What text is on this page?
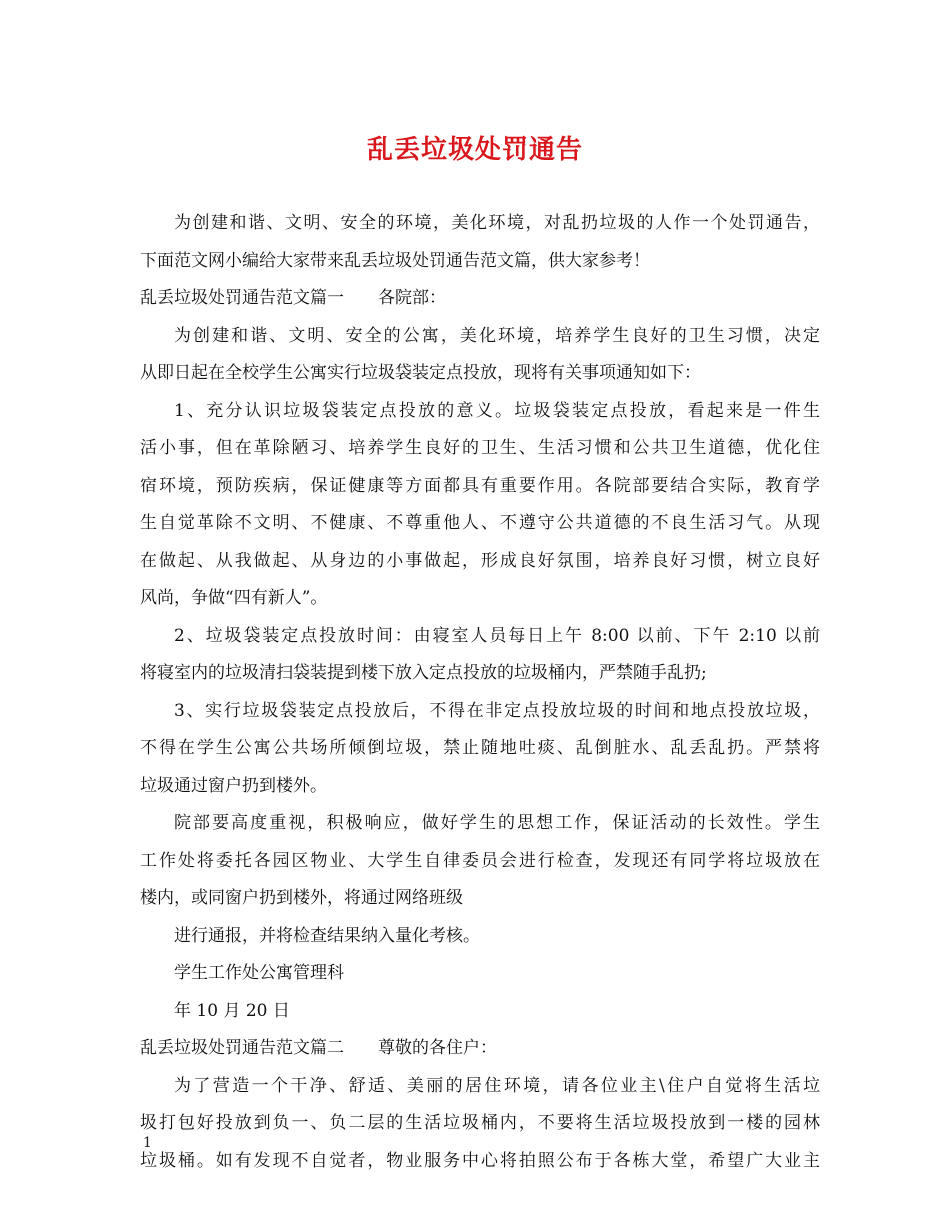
乱丢垃圾处罚通告
为创建和谐、文明、安全的环境，美化环境，对乱扔垃圾的人作一个处罚通告，
下面范文网小编给大家带来乱丢垃圾处罚通告范文篇，供大家参考！
乱丢垃圾处罚通告范文篇一　　各院部：
为创建和谐、文明、安全的公寓，美化环境，培养学生良好的卫生习惯，决定
从即日起在全校学生公寓实行垃圾袋装定点投放，现将有关事项通知如下：
1、充分认识垃圾袋装定点投放的意义。垃圾袋装定点投放，看起来是一件生
活小事，但在革除陋习、培养学生良好的卫生、生活习惯和公共卫生道德，优化住
宿环境，预防疾病，保证健康等方面都具有重要作用。各院部要结合实际，教育学
生自觉革除不文明、不健康、不尊重他人、不遵守公共道德的不良生活习气。从现
在做起、从我做起、从身边的小事做起，形成良好氛围，培养良好习惯，树立良好
风尚，争做“四有新人”。
2、垃圾袋装定点投放时间：由寝室人员每日上午 8:00 以前、下午 2:10 以前
将寝室内的垃圾清扫袋装提到楼下放入定点投放的垃圾桶内，严禁随手乱扔;
3、实行垃圾袋装定点投放后，不得在非定点投放垃圾的时间和地点投放垃圾，
不得在学生公寓公共场所倾倒垃圾，禁止随地吐痰、乱倒脏水、乱丢乱扔。严禁将
垃圾通过窗户扔到楼外。
院部要高度重视，积极响应，做好学生的思想工作，保证活动的长效性。学生
工作处将委托各园区物业、大学生自律委员会进行检查，发现还有同学将垃圾放在
楼内，或同窗户扔到楼外，将通过网络班级
进行通报，并将检查结果纳入量化考核。
学生工作处公寓管理科
年 10 月 20 日
乱丢垃圾处罚通告范文篇二　　尊敬的各住户：
为了营造一个干净、舒适、美丽的居住环境，请各位业主\住户自觉将生活垃
圾打包好投放到负一、负二层的生活垃圾桶内，不要将生活垃圾投放到一楼的园林
垃圾桶。如有发现不自觉者，物业服务中心将拍照公布于各栋大堂，希望广大业主
1
